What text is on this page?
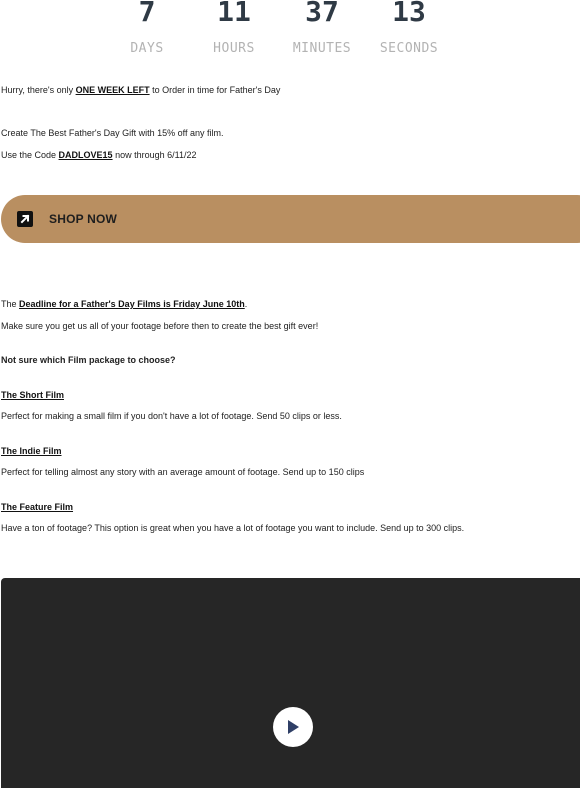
7
DAYS
11
HOURS
37
MINUTES
13
SECONDS
Hurry, there's only ONE WEEK LEFT to Order in time for Father's Day
Create The Best Father's Day Gift with 15% off any film.
Use the Code DADLOVE15 now through 6/11/22
SHOP NOW
The Deadline for a Father's Day Films is Friday June 10th.
Make sure you get us all of your footage before then to create the best gift ever!
Not sure which Film package to choose?
The Short Film
Perfect for making a small film if you don't have a lot of footage. Send 50 clips or less.
The Indie Film
Perfect for telling almost any story with an average amount of footage. Send up to 150 clips
The Feature Film
Have a ton of footage? This option is great when you have a lot of footage you want to include. Send up to 300 clips.
